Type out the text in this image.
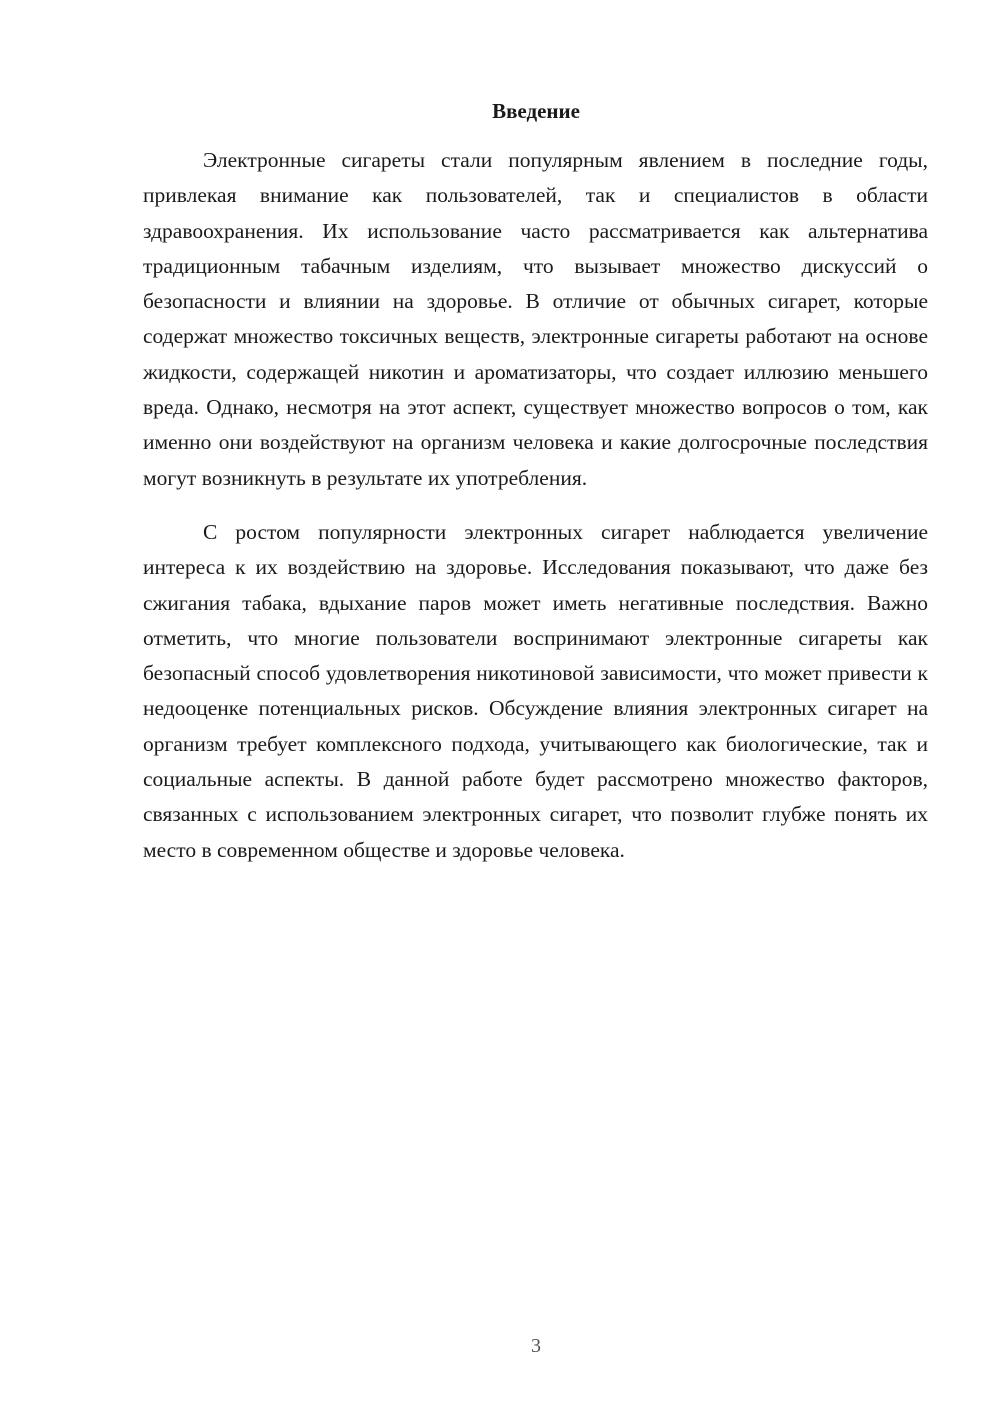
Введение

Электронные сигареты стали популярным явлением в последние годы, привлекая внимание как пользователей, так и специалистов в области здравоохранения. Их использование часто рассматривается как альтернатива традиционным табачным изделиям, что вызывает множество дискуссий о безопасности и влиянии на здоровье. В отличие от обычных сигарет, которые содержат множество токсичных веществ, электронные сигареты работают на основе жидкости, содержащей никотин и ароматизаторы, что создает иллюзию меньшего вреда. Однако, несмотря на этот аспект, существует множество вопросов о том, как именно они воздействуют на организм человека и какие долгосрочные последствия могут возникнуть в результате их употребления.

С ростом популярности электронных сигарет наблюдается увеличение интереса к их воздействию на здоровье. Исследования показывают, что даже без сжигания табака, вдыхание паров может иметь негативные последствия. Важно отметить, что многие пользователи воспринимают электронные сигареты как безопасный способ удовлетворения никотиновой зависимости, что может привести к недооценке потенциальных рисков. Обсуждение влияния электронных сигарет на организм требует комплексного подхода, учитывающего как биологические, так и социальные аспекты. В данной работе будет рассмотрено множество факторов, связанных с использованием электронных сигарет, что позволит глубже понять их место в современном обществе и здоровье человека.

3
